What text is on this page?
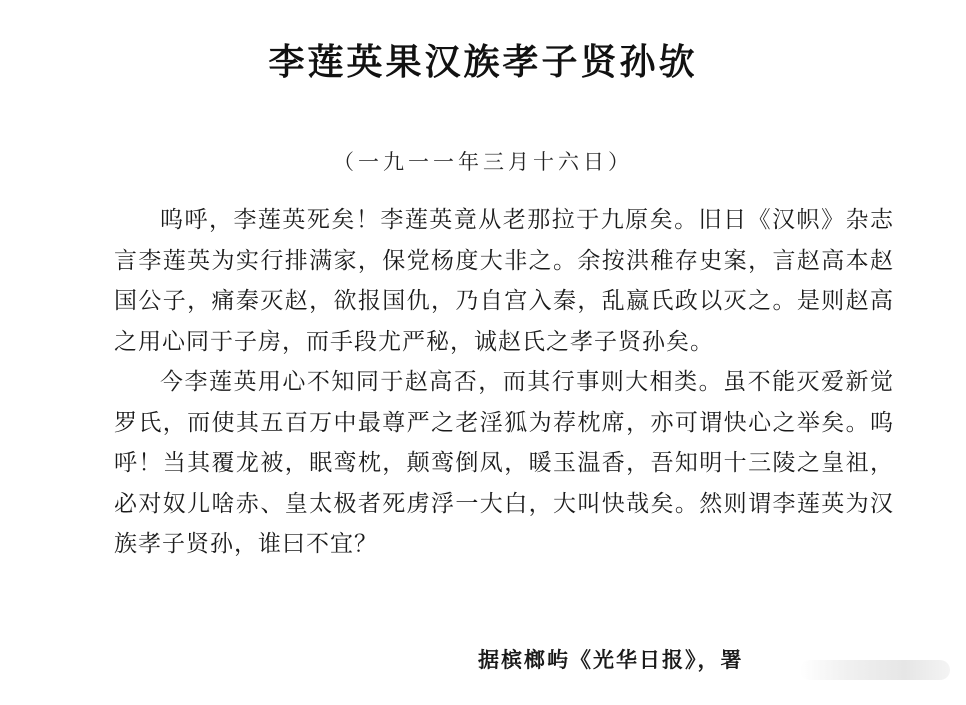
李莲英果汉族孝子贤孙欤
（一九一一年三月十六日）

呜呼，李莲英死矣！李莲英竟从老那拉于九原矣。旧日《汉帜》杂志言李莲英为实行排满家，保党杨度大非之。余按洪稚存史案，言赵高本赵国公子，痛秦灭赵，欲报国仇，乃自宫入秦，乱嬴氏政以灭之。是则赵高之用心同于子房，而手段尤严秘，诚赵氏之孝子贤孙矣。

今李莲英用心不知同于赵高否，而其行事则大相类。虽不能灭爱新觉罗氏，而使其五百万中最尊严之老淫狐为荐枕席，亦可谓快心之举矣。呜呼！当其覆龙被，眠鸾枕，颠鸾倒凤，暖玉温香，吾知明十三陵之皇祖，必对奴儿啥赤、皇太极者死虏浮一大白，大叫快哉矣。然则谓李莲英为汉族孝子贤孙，谁曰不宜？

据槟榔屿《光华日报》，署
